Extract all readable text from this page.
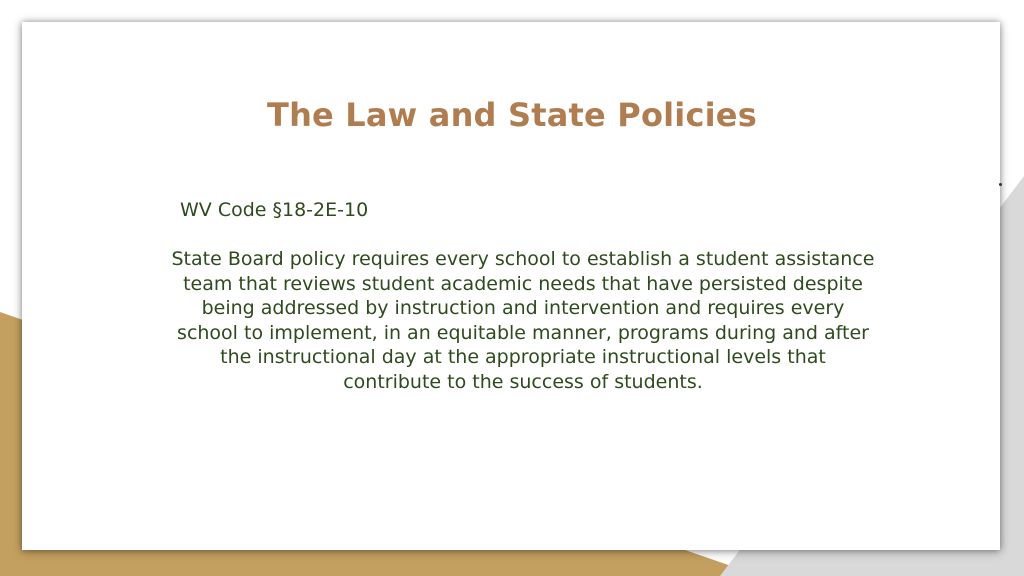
The Law and State Policies

WV Code §18-2E-10

State Board policy requires every school to establish a student assistance team that reviews student academic needs that have persisted despite being addressed by instruction and intervention and requires every school to implement, in an equitable manner, programs during and after the instructional day at the appropriate instructional levels that contribute to the success of students.
